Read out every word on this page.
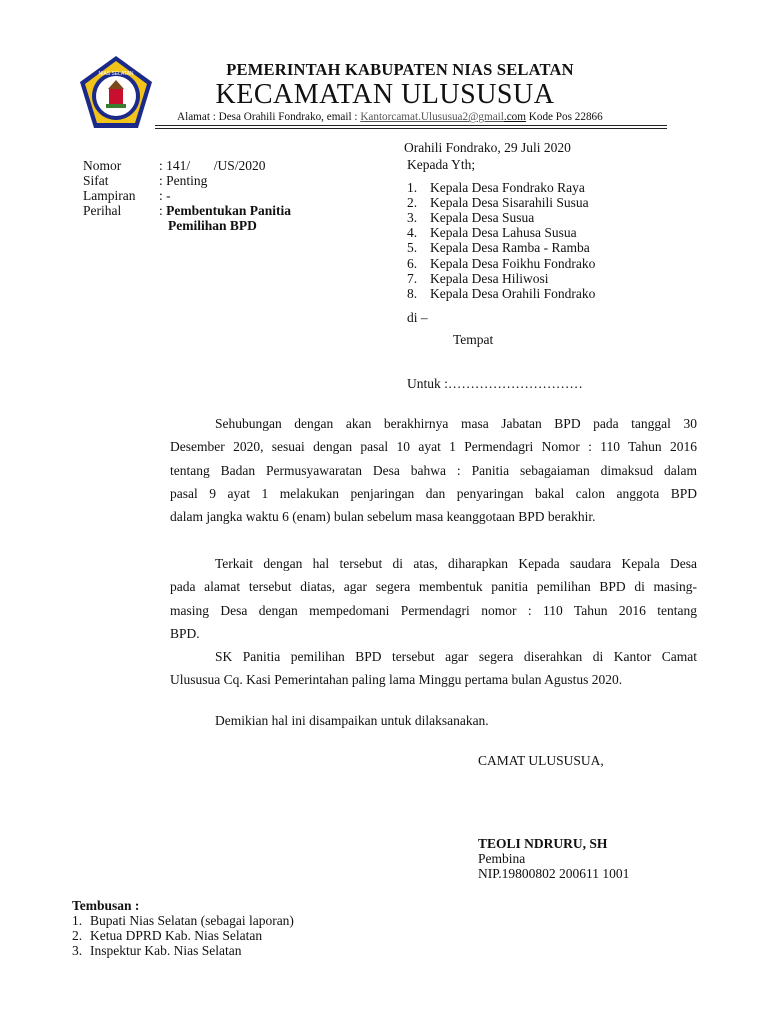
NIAS SELATAN	PEMERINTAH KABUPATEN NIAS SELATAN
KECAMATAN ULUSUSUA
Alamat : Desa Orahili Fondrako, email : Kantorcamat.Ulususua2@gmail.com Kode Pos 22866
Orahili Fondrako, 29 Juli 2020
Nomor	: 141/       /US/2020
Sifat	: Penting
Lampiran : -
Perihal	: Pembentukan Panitia
Pemilihan BPD
Kepada Yth;
1. Kepala Desa Fondrako Raya
2. Kepala Desa Sisarahili Susua
3. Kepala Desa Susua
4. Kepala Desa Lahusa Susua
5. Kepala Desa Ramba - Ramba
6. Kepala Desa Foikhu Fondrako
7. Kepala Desa Hiliwosi
8. Kepala Desa Orahili Fondrako
di –
Tempat
Untuk :…………………………
Sehubungan dengan akan berakhirnya masa Jabatan BPD pada tanggal 30
Desember 2020, sesuai dengan pasal 10 ayat 1 Permendagri Nomor : 110 Tahun 2016
tentang Badan Permusyawaratan Desa bahwa : Panitia sebagaiaman dimaksud dalam
pasal 9 ayat 1 melakukan penjaringan dan penyaringan bakal calon anggota BPD
dalam jangka waktu 6 (enam) bulan sebelum masa keanggotaan BPD berakhir.
Terkait dengan hal tersebut di atas, diharapkan Kepada saudara Kepala Desa
pada alamat tersebut diatas, agar segera membentuk panitia pemilihan BPD di masing-
masing Desa dengan mempedomani Permendagri nomor : 110 Tahun 2016 tentang
BPD.
SK Panitia pemilihan BPD tersebut agar segera diserahkan di Kantor Camat
Ulususua Cq. Kasi Pemerintahan paling lama Minggu pertama bulan Agustus 2020.
Demikian hal ini disampaikan untuk dilaksanakan.
CAMAT ULUSUSUA,
TEOLI NDRURU, SH
Pembina
NIP.19800802 200611 1001
Tembusan :
1. Bupati Nias Selatan (sebagai laporan)
2. Ketua DPRD Kab. Nias Selatan
3. Inspektur Kab. Nias Selatan
